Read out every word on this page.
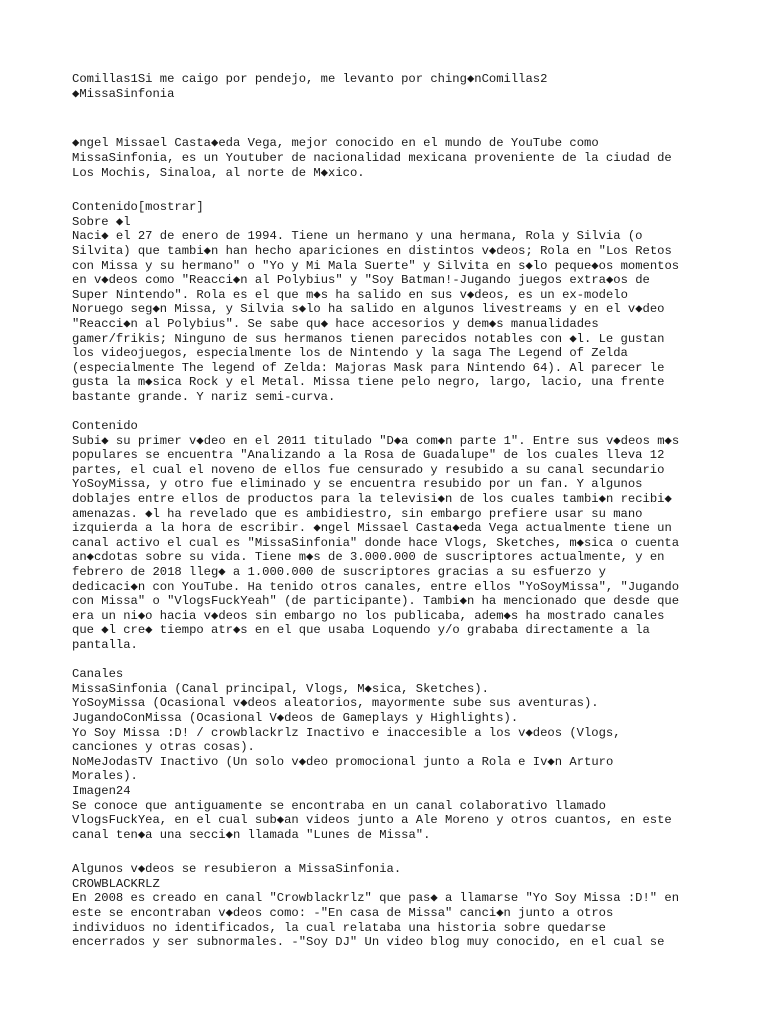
Comillas1Si me caigo por pendejo, me levanto por ching◆nComillas2

◆MissaSinfonia

◆ngel Missael Casta◆eda Vega, mejor conocido en el mundo de YouTube como

MissaSinfonia, es un Youtuber de nacionalidad mexicana proveniente de la ciudad de

Los Mochis, Sinaloa, al norte de M◆xico.

Contenido[mostrar]

Sobre ◆l

Naci◆ el 27 de enero de 1994. Tiene un hermano y una hermana, Rola y Silvia (o

Silvita) que tambi◆n han hecho apariciones en distintos v◆deos; Rola en "Los Retos

con Missa y su hermano" o "Yo y Mi Mala Suerte" y Silvita en s◆lo peque◆os momentos

en v◆deos como "Reacci◆n al Polybius" y "Soy Batman!-Jugando juegos extra◆os de

Super Nintendo". Rola es el que m◆s ha salido en sus v◆deos, es un ex-modelo

Noruego seg◆n Missa, y Silvia s◆lo ha salido en algunos livestreams y en el v◆deo

"Reacci◆n al Polybius". Se sabe qu◆ hace accesorios y dem◆s manualidades

gamer/frikis; Ninguno de sus hermanos tienen parecidos notables con ◆l. Le gustan

los videojuegos, especialmente los de Nintendo y la saga The Legend of Zelda

(especialmente The legend of Zelda: Majoras Mask para Nintendo 64). Al parecer le

gusta la m◆sica Rock y el Metal. Missa tiene pelo negro, largo, lacio, una frente

bastante grande. Y nariz semi-curva.

Contenido

Subi◆ su primer v◆deo en el 2011 titulado "D◆a com◆n parte 1". Entre sus v◆deos m◆s

populares se encuentra "Analizando a la Rosa de Guadalupe" de los cuales lleva 12

partes, el cual el noveno de ellos fue censurado y resubido a su canal secundario

YoSoyMissa, y otro fue eliminado y se encuentra resubido por un fan. Y algunos

doblajes entre ellos de productos para la televisi◆n de los cuales tambi◆n recibi◆

amenazas. ◆l ha revelado que es ambidiestro, sin embargo prefiere usar su mano

izquierda a la hora de escribir. ◆ngel Missael Casta◆eda Vega actualmente tiene un

canal activo el cual es "MissaSinfonia" donde hace Vlogs, Sketches, m◆sica o cuenta

an◆cdotas sobre su vida. Tiene m◆s de 3.000.000 de suscriptores actualmente, y en

febrero de 2018 lleg◆ a 1.000.000 de suscriptores gracias a su esfuerzo y

dedicaci◆n con YouTube. Ha tenido otros canales, entre ellos "YoSoyMissa", "Jugando

con Missa" o "VlogsFuckYeah" (de participante). Tambi◆n ha mencionado que desde que

era un ni◆o hacia v◆deos sin embargo no los publicaba, adem◆s ha mostrado canales

que ◆l cre◆ tiempo atr◆s en el que usaba Loquendo y/o grababa directamente a la

pantalla.

Canales

MissaSinfonia (Canal principal, Vlogs, M◆sica, Sketches).

YoSoyMissa (Ocasional v◆deos aleatorios, mayormente sube sus aventuras).

JugandoConMissa (Ocasional V◆deos de Gameplays y Highlights).

Yo Soy Missa :D! / crowblackrlz Inactivo e inaccesible a los v◆deos (Vlogs,

canciones y otras cosas).

NoMeJodasTV Inactivo (Un solo v◆deo promocional junto a Rola e Iv◆n Arturo

Morales).

Imagen24

Se conoce que antiguamente se encontraba en un canal colaborativo llamado

VlogsFuckYea, en el cual sub◆an videos junto a Ale Moreno y otros cuantos, en este

canal ten◆a una secci◆n llamada "Lunes de Missa".

Algunos v◆deos se resubieron a MissaSinfonia.

CROWBLACKRLZ

En 2008 es creado en canal "Crowblackrlz" que pas◆ a llamarse "Yo Soy Missa :D!" en

este se encontraban v◆deos como: -"En casa de Missa" canci◆n junto a otros

individuos no identificados, la cual relataba una historia sobre quedarse

encerrados y ser subnormales. -"Soy DJ" Un video blog muy conocido, en el cual se
